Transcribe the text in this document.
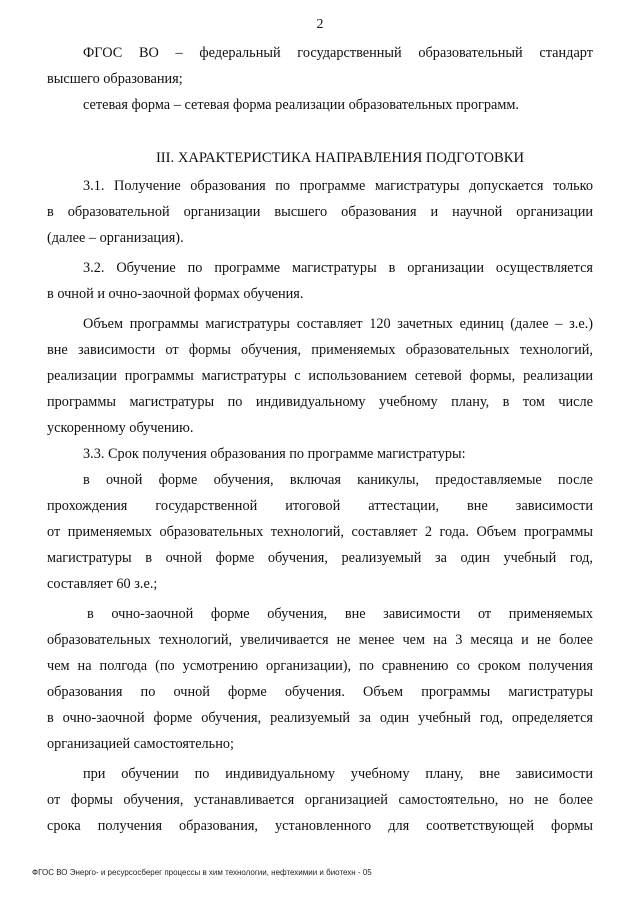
2
ФГОС ВО – федеральный государственный образовательный стандарт
высшего образования;
сетевая форма – сетевая форма реализации образовательных программ.
III. ХАРАКТЕРИСТИКА НАПРАВЛЕНИЯ ПОДГОТОВКИ
3.1. Получение образования по программе магистратуры допускается только
в образовательной организации высшего образования и научной организации
(далее – организация).
3.2. Обучение по программе магистратуры в организации осуществляется
в очной и очно-заочной формах обучения.
Объем программы магистратуры составляет 120 зачетных единиц (далее – з.е.)
вне зависимости от формы обучения, применяемых образовательных технологий,
реализации программы магистратуры с использованием сетевой формы, реализации
программы магистратуры по индивидуальному учебному плану, в том числе
ускоренному обучению.
3.3. Срок получения образования по программе магистратуры:
в очной форме обучения, включая каникулы, предоставляемые после
прохождения государственной итоговой аттестации, вне зависимости
от применяемых образовательных технологий, составляет 2 года. Объем программы
магистратуры в очной форме обучения, реализуемый за один учебный год,
составляет 60 з.е.;
в очно-заочной форме обучения, вне зависимости от применяемых
образовательных технологий, увеличивается не менее чем на 3 месяца и не более
чем на полгода (по усмотрению организации), по сравнению со сроком получения
образования по очной форме обучения. Объем программы магистратуры
в очно-заочной форме обучения, реализуемый за один учебный год, определяется
организацией самостоятельно;
при обучении по индивидуальному учебному плану, вне зависимости
от формы обучения, устанавливается организацией самостоятельно, но не более
срока получения образования, установленного для соответствующей формы
ФГОС ВО Энерго- и ресурсосберег процессы в хим технологии, нефтехимии и биотехн - 05
